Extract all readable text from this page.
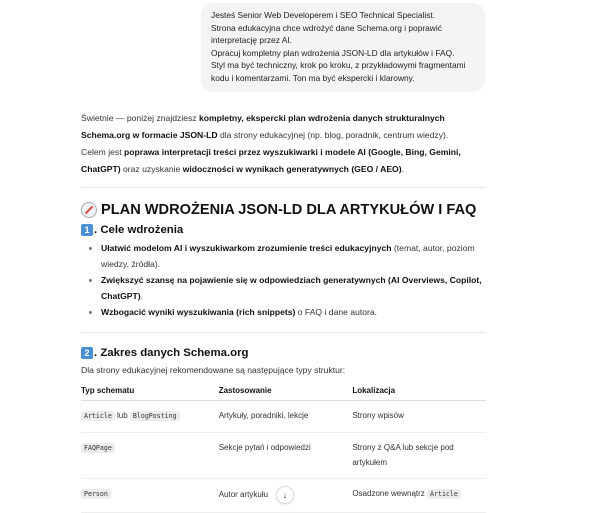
Jesteś Senior Web Developerem i SEO Technical Specialist.
Strona edukacyjna chce wdrożyć dane Schema.org i poprawić interpretację przez AI.
Opracuj kompletny plan wdrożenia JSON-LD dla artykułów i FAQ.
Styl ma być techniczny, krok po kroku, z przykładowymi fragmentami kodu i komentarzami. Ton ma być ekspercki i klarowny.
Świetnie — poniżej znajdziesz kompletny, ekspercki plan wdrożenia danych strukturalnych Schema.org w formacie JSON-LD dla strony edukacyjnej (np. blog, poradnik, centrum wiedzy).
Celem jest poprawa interpretacji treści przez wyszukiwarki i modele AI (Google, Bing, Gemini, ChatGPT) oraz uzyskanie widoczności w wynikach generatywnych (GEO / AEO).
PLAN WDROŻENIA JSON-LD DLA ARTYKUŁÓW I FAQ
1 . Cele wdrożenia
• Ułatwić modelom AI i wyszukiwarkom zrozumienie treści edukacyjnych (temat, autor, poziom wiedzy, źródła).
• Zwiększyć szansę na pojawienie się w odpowiedziach generatywnych (AI Overviews, Copilot, ChatGPT).
• Wzbogacić wyniki wyszukiwania (rich snippets) o FAQ i dane autora.
2 . Zakres danych Schema.org
Dla strony edukacyjnej rekomendowane są następujące typy struktur:
Typ schematu	Zastosowanie	Lokalizacja
Article lub BlogPosting	Artykuły, poradniki, lekcje	Strony wpisów
FAQPage	Sekcje pytań i odpowiedzi	Strony z Q&A lub sekcje pod artykułem
Person	Autor artykułu ↓	Osadzone wewnątrz Article
